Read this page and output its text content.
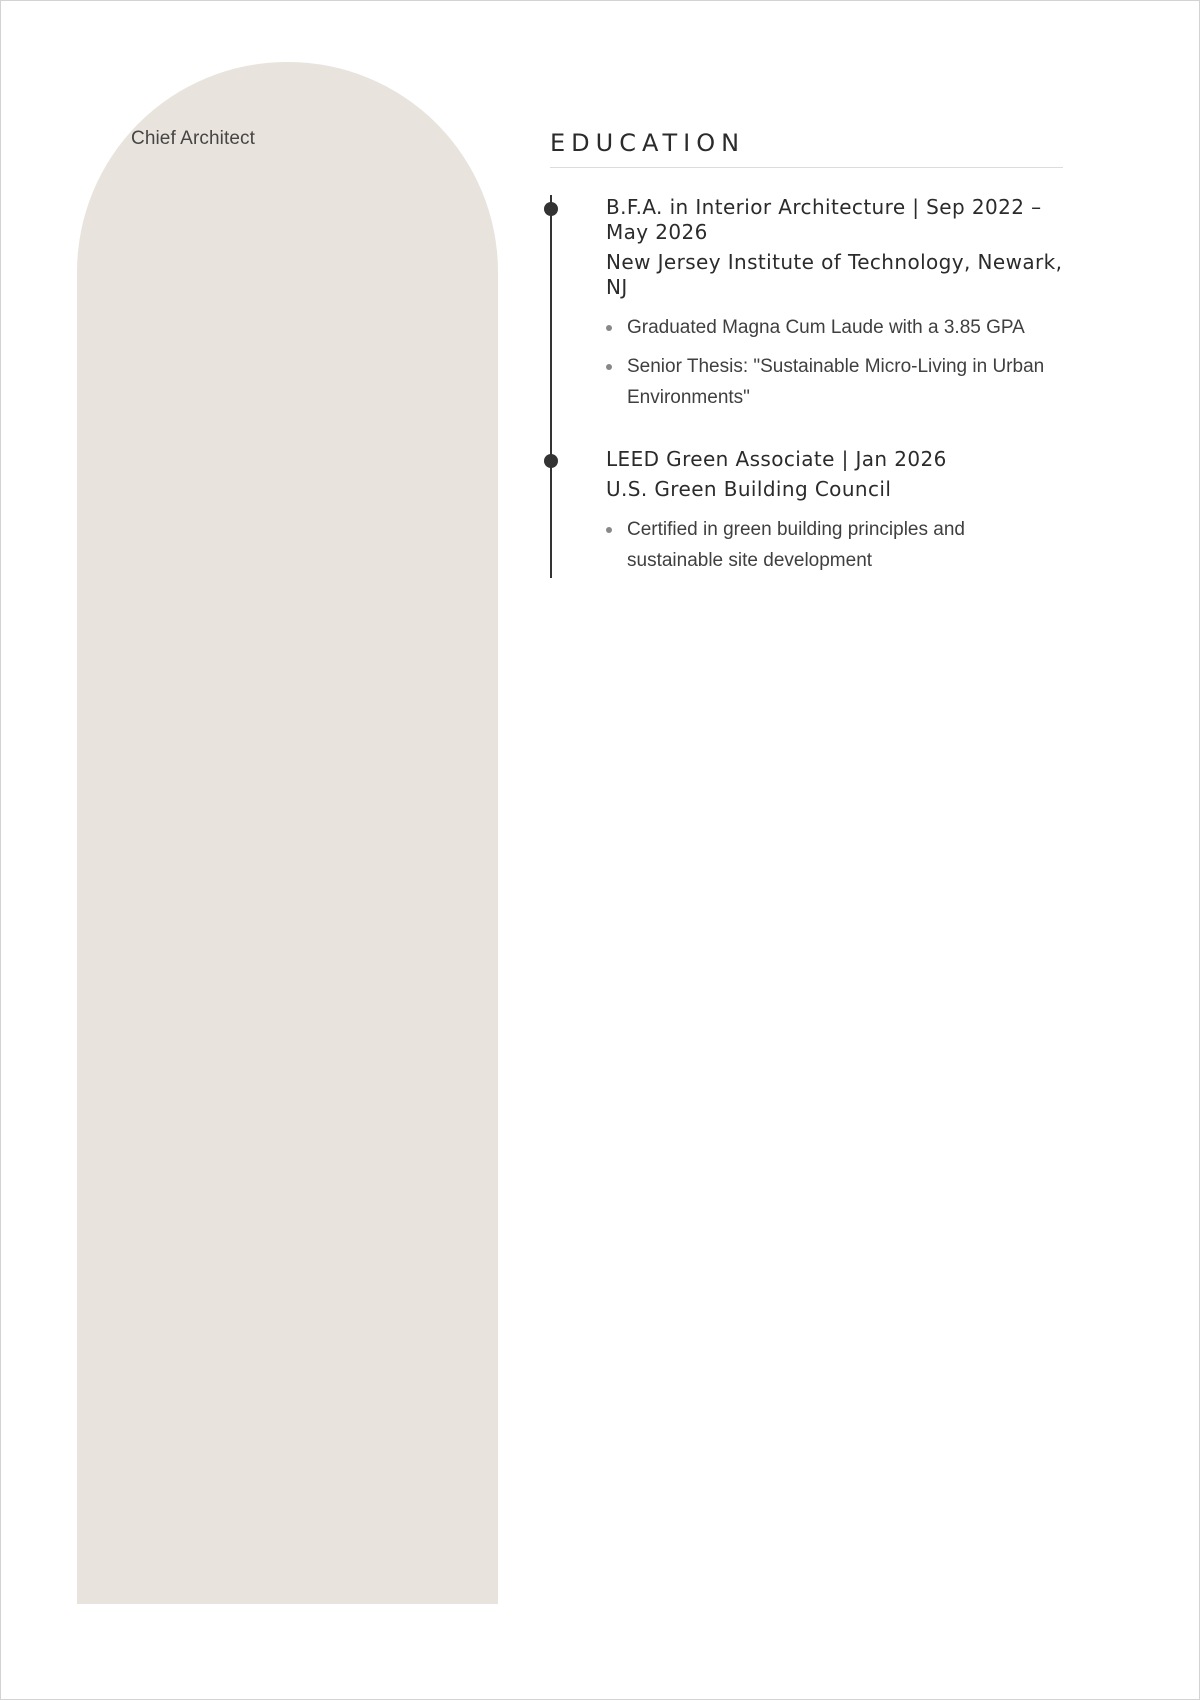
Chief Architect	EDUCATION
B.F.A. in Interior Architecture | Sep 2022 – May 2026
New Jersey Institute of Technology, Newark, NJ
Graduated Magna Cum Laude with a 3.85 GPA
Senior Thesis: "Sustainable Micro-Living in Urban Environments"
LEED Green Associate | Jan 2026
U.S. Green Building Council
Certified in green building principles and sustainable site development
